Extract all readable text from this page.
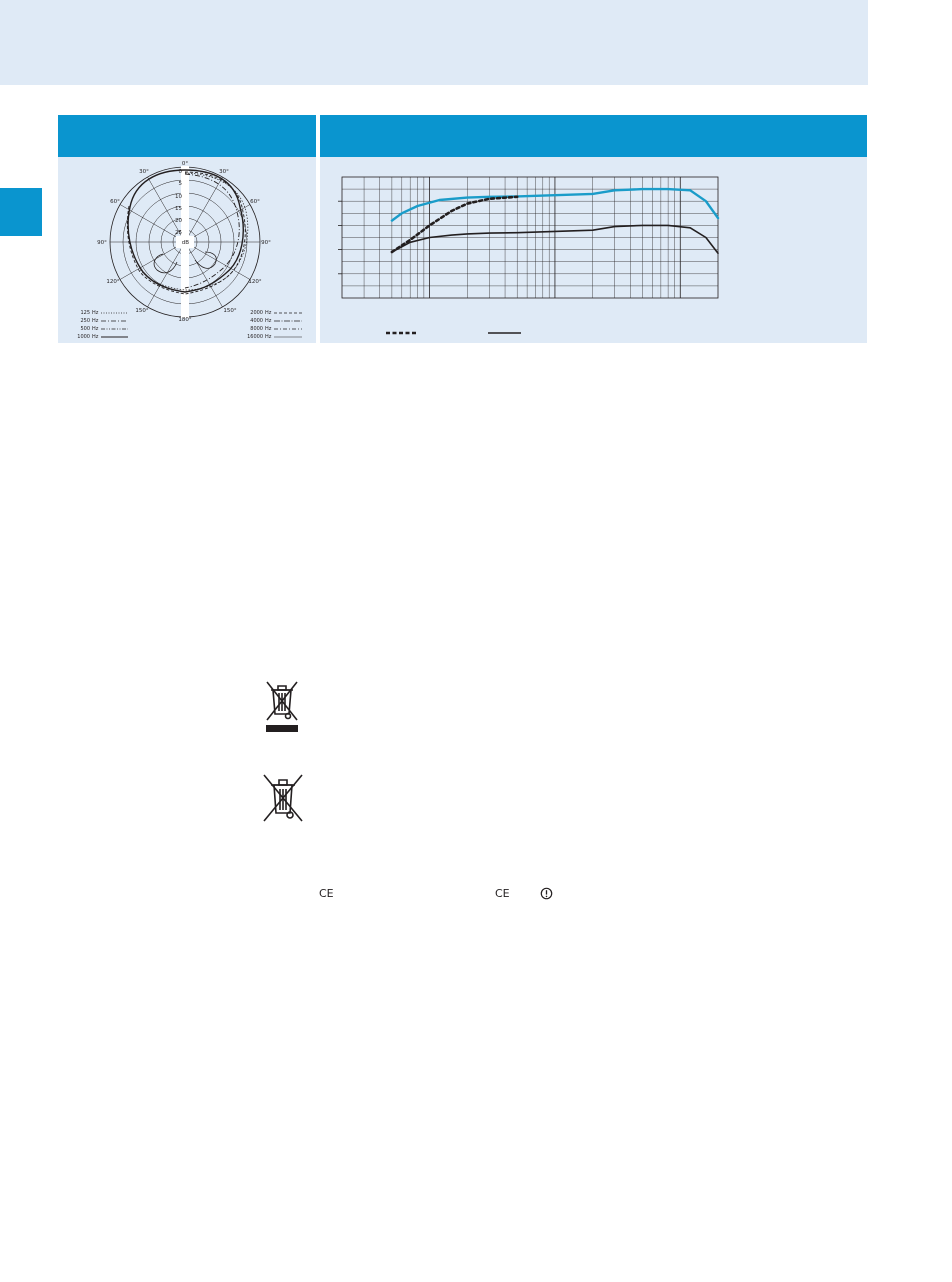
0°
30°
30°
60°
60°
90°
90°
120°
120°
150°
150°
180°
0
5
10
15
20
25
dB
125 Hz
250 Hz
500 Hz
1000 Hz
2000 Hz
4000 Hz
8000 Hz
16000 Hz
CE	CE
